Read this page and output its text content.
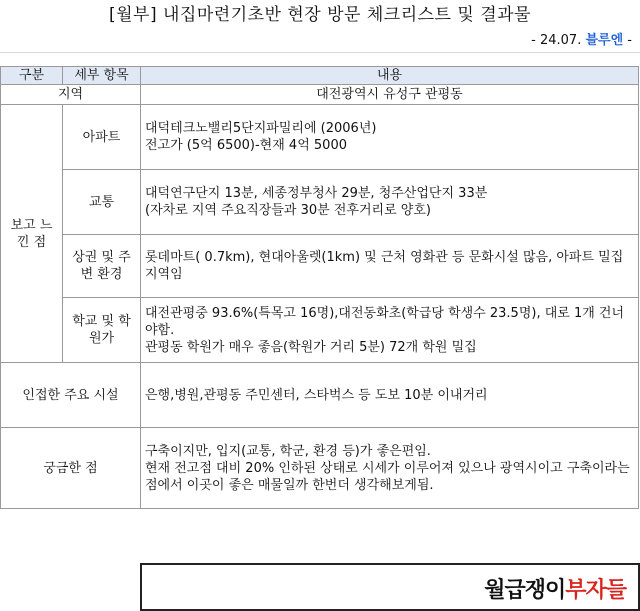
[월부] 내집마련기초반 현장 방문 체크리스트 및 결과물
- 24.07. 블루엔 -
구분	세부 항목	내용
지역		대전광역시 유성구 관평동
보고 느낀 점	아파트	대덕테크노밸리5단지파밀리에 (2006년)
전고가 (5억 6500)-현재 4억 5000

	교통	대덕연구단지 13분, 세종정부청사 29분, 청주산업단지 33분
(자차로 지역 주요직장들과 30분 전후거리로 양호)

	상권 및 주변 환경	롯데마트( 0.7km), 현대아울렛(1km) 및 근처 영화관 등 문화시설 많음, 아파트 밀집지역임

	학교 및 학원가	대전관평중 93.6%(특목고 16명),대전동화초(학급당 학생수 23.5명), 대로 1개 건너야함.
관평동 학원가 매우 좋음(학원가 거리 5분) 72개 학원 밀집

인접한 주요 시설		은행,병원,관평동 주민센터, 스타벅스 등 도보 10분 이내거리
궁금한 점		구축이지만, 입지(교통, 학군, 환경 등)가 좋은편임.
현재 전고점 대비 20% 인하된 상태로 시세가 이루어져 있으나 광역시이고 구축이라는 점에서 이곳이 좋은 매물일까 한번더 생각해보게됨.
월급쟁이부자들
